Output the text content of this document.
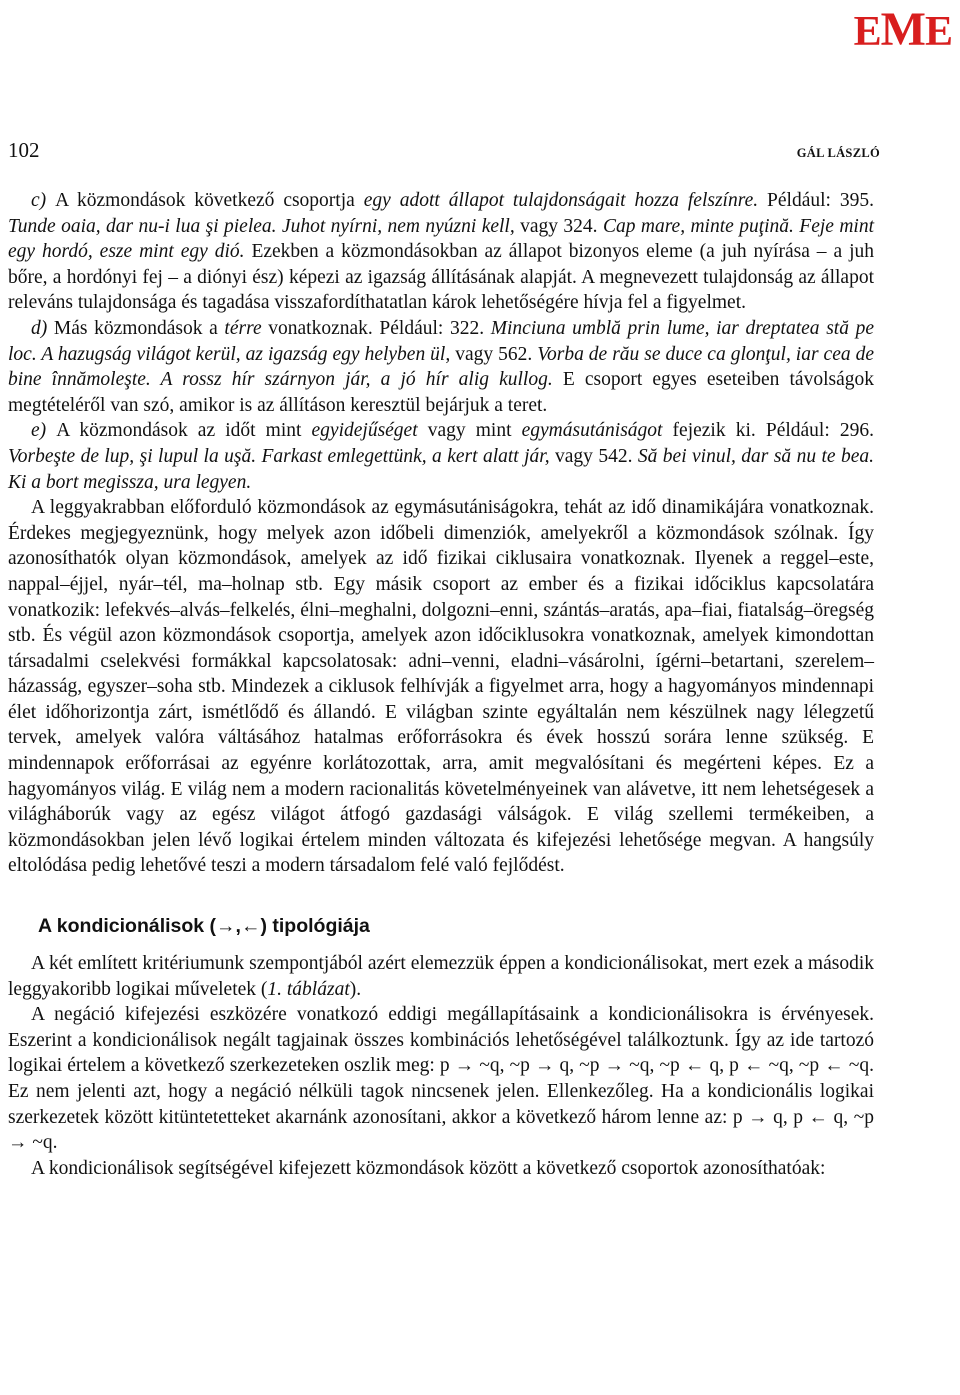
EME
102	GÁL LÁSZLÓ

c) A közmondások következő csoportja egy adott állapot tulajdonságait hozza felszínre. Például: 395. Tunde oaia, dar nu-i lua şi pielea. Juhot nyírni, nem nyúzni kell, vagy 324. Cap mare, minte puţină. Feje mint egy hordó, esze mint egy dió. Ezekben a közmondásokban az állapot bizonyos eleme (a juh nyírása – a juh bőre, a hordónyi fej – a diónyi ész) képezi az igazság állításának alapját. A megnevezett tulajdonság az állapot releváns tulajdonsága és tagadása visszafordíthatatlan károk lehetőségére hívja fel a figyelmet.

d) Más közmondások a térre vonatkoznak. Például: 322. Minciuna umblă prin lume, iar dreptatea stă pe loc. A hazugság világot kerül, az igazság egy helyben ül, vagy 562. Vorba de rău se duce ca glonţul, iar cea de bine înnămoleşte. A rossz hír szárnyon jár, a jó hír alig kullog. E csoport egyes eseteiben távolságok megtételéről van szó, amikor is az állításon keresztül bejárjuk a teret.

e) A közmondások az időt mint egyidejűséget vagy mint egymásutániságot fejezik ki. Például: 296. Vorbeşte de lup, şi lupul la uşă. Farkast emlegettünk, a kert alatt jár, vagy 542. Să bei vinul, dar să nu te bea. Ki a bort megissza, ura legyen.

A leggyakrabban előforduló közmondások az egymásutániságokra, tehát az idő dinamikájára vonatkoznak. Érdekes megjegyeznünk, hogy melyek azon időbeli dimenziók, amelyekről a közmondások szólnak. Így azonosíthatók olyan közmondások, amelyek az idő fizikai ciklusaira vonatkoznak. Ilyenek a reggel–este, nappal–éjjel, nyár–tél, ma–holnap stb. Egy másik csoport az ember és a fizikai időciklus kapcsolatára vonatkozik: lefekvés–alvás–felkelés, élni–meghalni, dolgozni–enni, szántás–aratás, apa–fiai, fiatalság–öregség stb. És végül azon közmondások csoportja, amelyek azon időciklusokra vonatkoznak, amelyek kimondottan társadalmi cselekvési formákkal kapcsolatosak: adni–venni, eladni–vásárolni, ígérni–betartani, szerelem–házasság, egyszer–soha stb. Mindezek a ciklusok felhívják a figyelmet arra, hogy a hagyományos mindennapi élet időhorizontja zárt, ismétlődő és állandó. E világban szinte egyáltalán nem készülnek nagy lélegzetű tervek, amelyek valóra váltásához hatalmas erőforrásokra és évek hosszú sorára lenne szükség. E mindennapok erőforrásai az egyénre korlátozottak, arra, amit megvalósítani és megérteni képes. Ez a hagyományos világ. E világ nem a modern racionalitás követelményeinek van alávetve, itt nem lehetségesek a világháborúk vagy az egész világot átfogó gazdasági válságok. E világ szellemi termékeiben, a közmondásokban jelen lévő logikai értelem minden változata és kifejezési lehetősége megvan. A hangsúly eltolódása pedig lehetővé teszi a modern társadalom felé való fejlődést.

A kondicionálisok (→,←) tipológiája

A két említett kritériumunk szempontjából azért elemezzük éppen a kondicionálisokat, mert ezek a második leggyakoribb logikai műveletek (1. táblázat).

A negáció kifejezési eszközére vonatkozó eddigi megállapításaink a kondicionálisokra is érvényesek. Eszerint a kondicionálisok negált tagjainak összes kombinációs lehetőségével találkoztunk. Így az ide tartozó logikai értelem a következő szerkezeteken oszlik meg: p → ~q, ~p → q, ~p → ~q, ~p ← q, p ← ~q, ~p ← ~q. Ez nem jelenti azt, hogy a negáció nélküli tagok nincsenek jelen. Ellenkezőleg. Ha a kondicionális logikai szerkezetek között kitüntetetteket akarnánk azonosítani, akkor a következő három lenne az: p → q, p ← q, ~p → ~q.

A kondicionálisok segítségével kifejezett közmondások között a következő csoportok azonosíthatóak:
